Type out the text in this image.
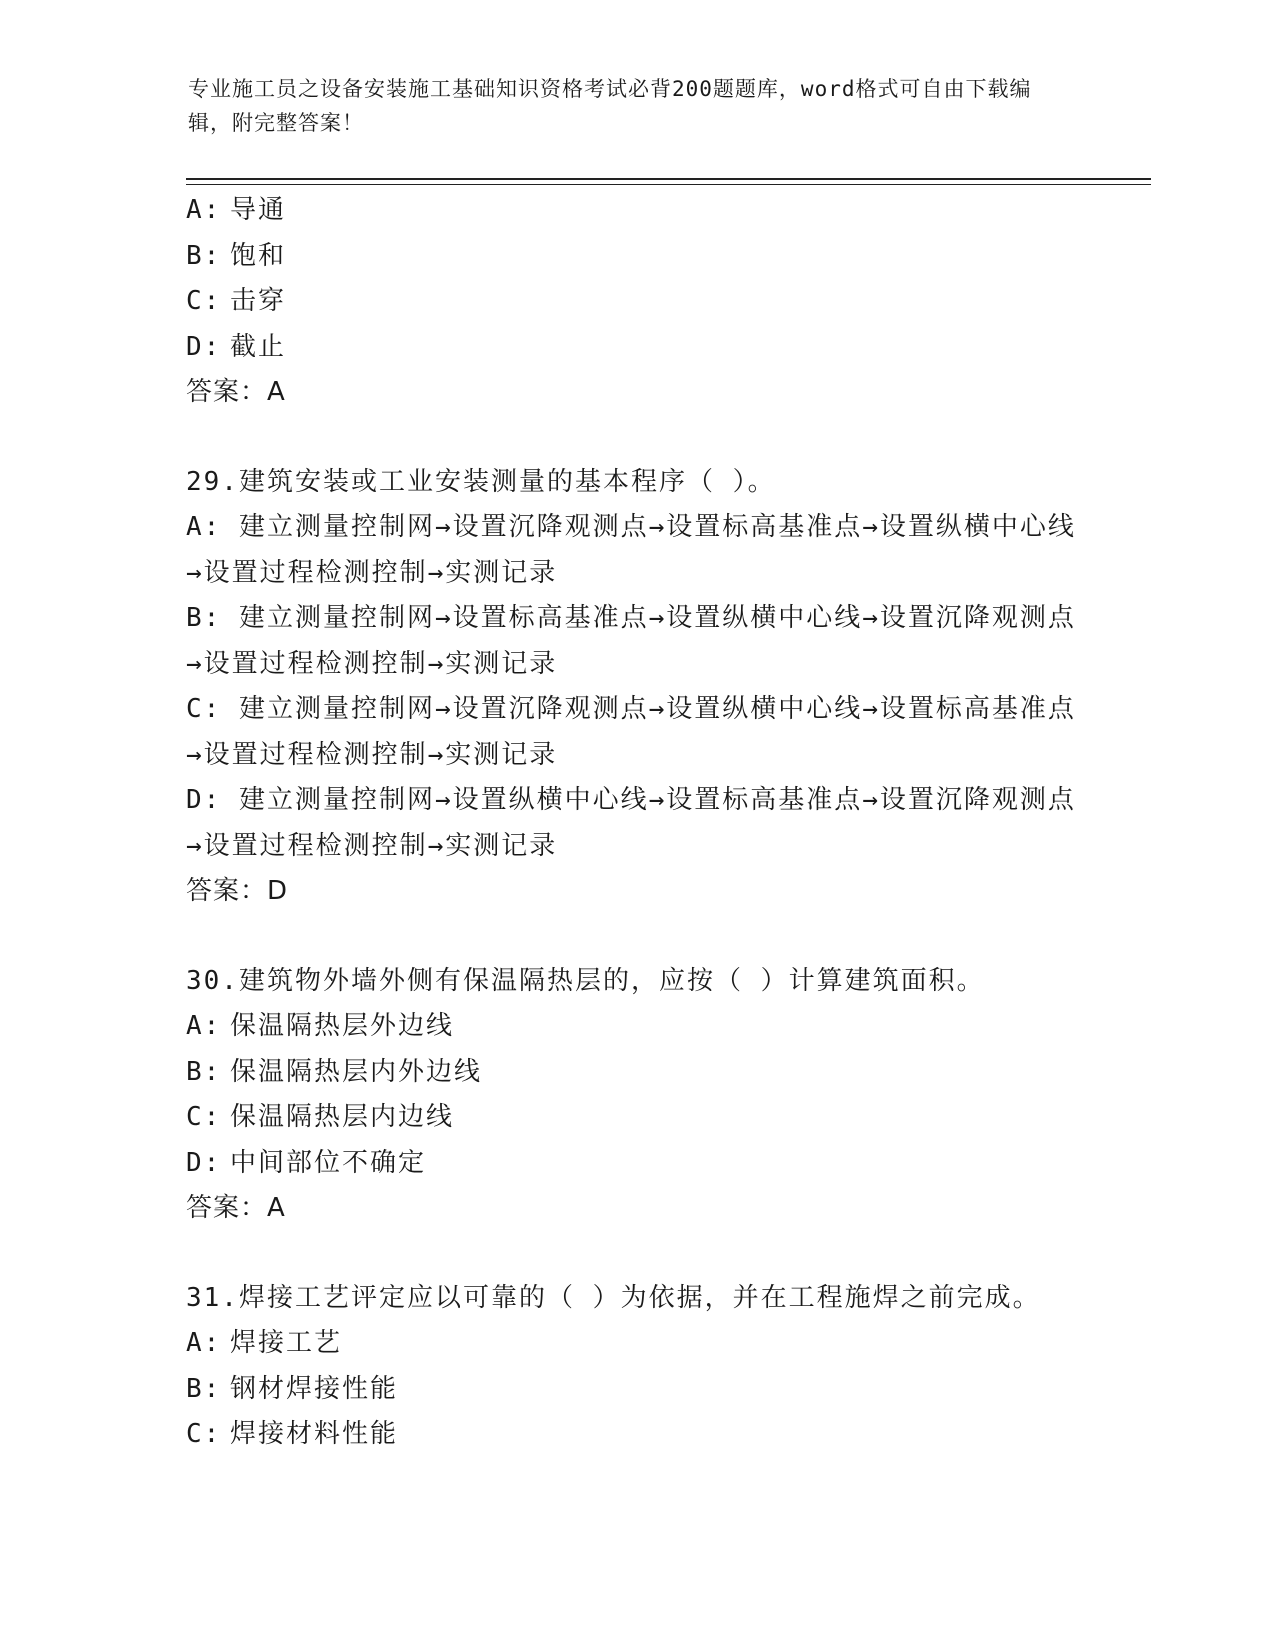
专业施工员之设备安装施工基础知识资格考试必背200题题库，word格式可自由下载编辑，附完整答案！
A: 导通
B: 饱和
C: 击穿
D: 截止
答案：A
29.建筑安装或工业安装测量的基本程序（ ）。
A: 建立测量控制网→设置沉降观测点→设置标高基准点→设置纵横中心线→设置过程检测控制→实测记录
B: 建立测量控制网→设置标高基准点→设置纵横中心线→设置沉降观测点→设置过程检测控制→实测记录
C: 建立测量控制网→设置沉降观测点→设置纵横中心线→设置标高基准点→设置过程检测控制→实测记录
D: 建立测量控制网→设置纵横中心线→设置标高基准点→设置沉降观测点→设置过程检测控制→实测记录
答案：D
30.建筑物外墙外侧有保温隔热层的，应按（ ）计算建筑面积。
A: 保温隔热层外边线
B: 保温隔热层内外边线
C: 保温隔热层内边线
D: 中间部位不确定
答案：A
31.焊接工艺评定应以可靠的（ ）为依据，并在工程施焊之前完成。
A: 焊接工艺
B: 钢材焊接性能
C: 焊接材料性能
